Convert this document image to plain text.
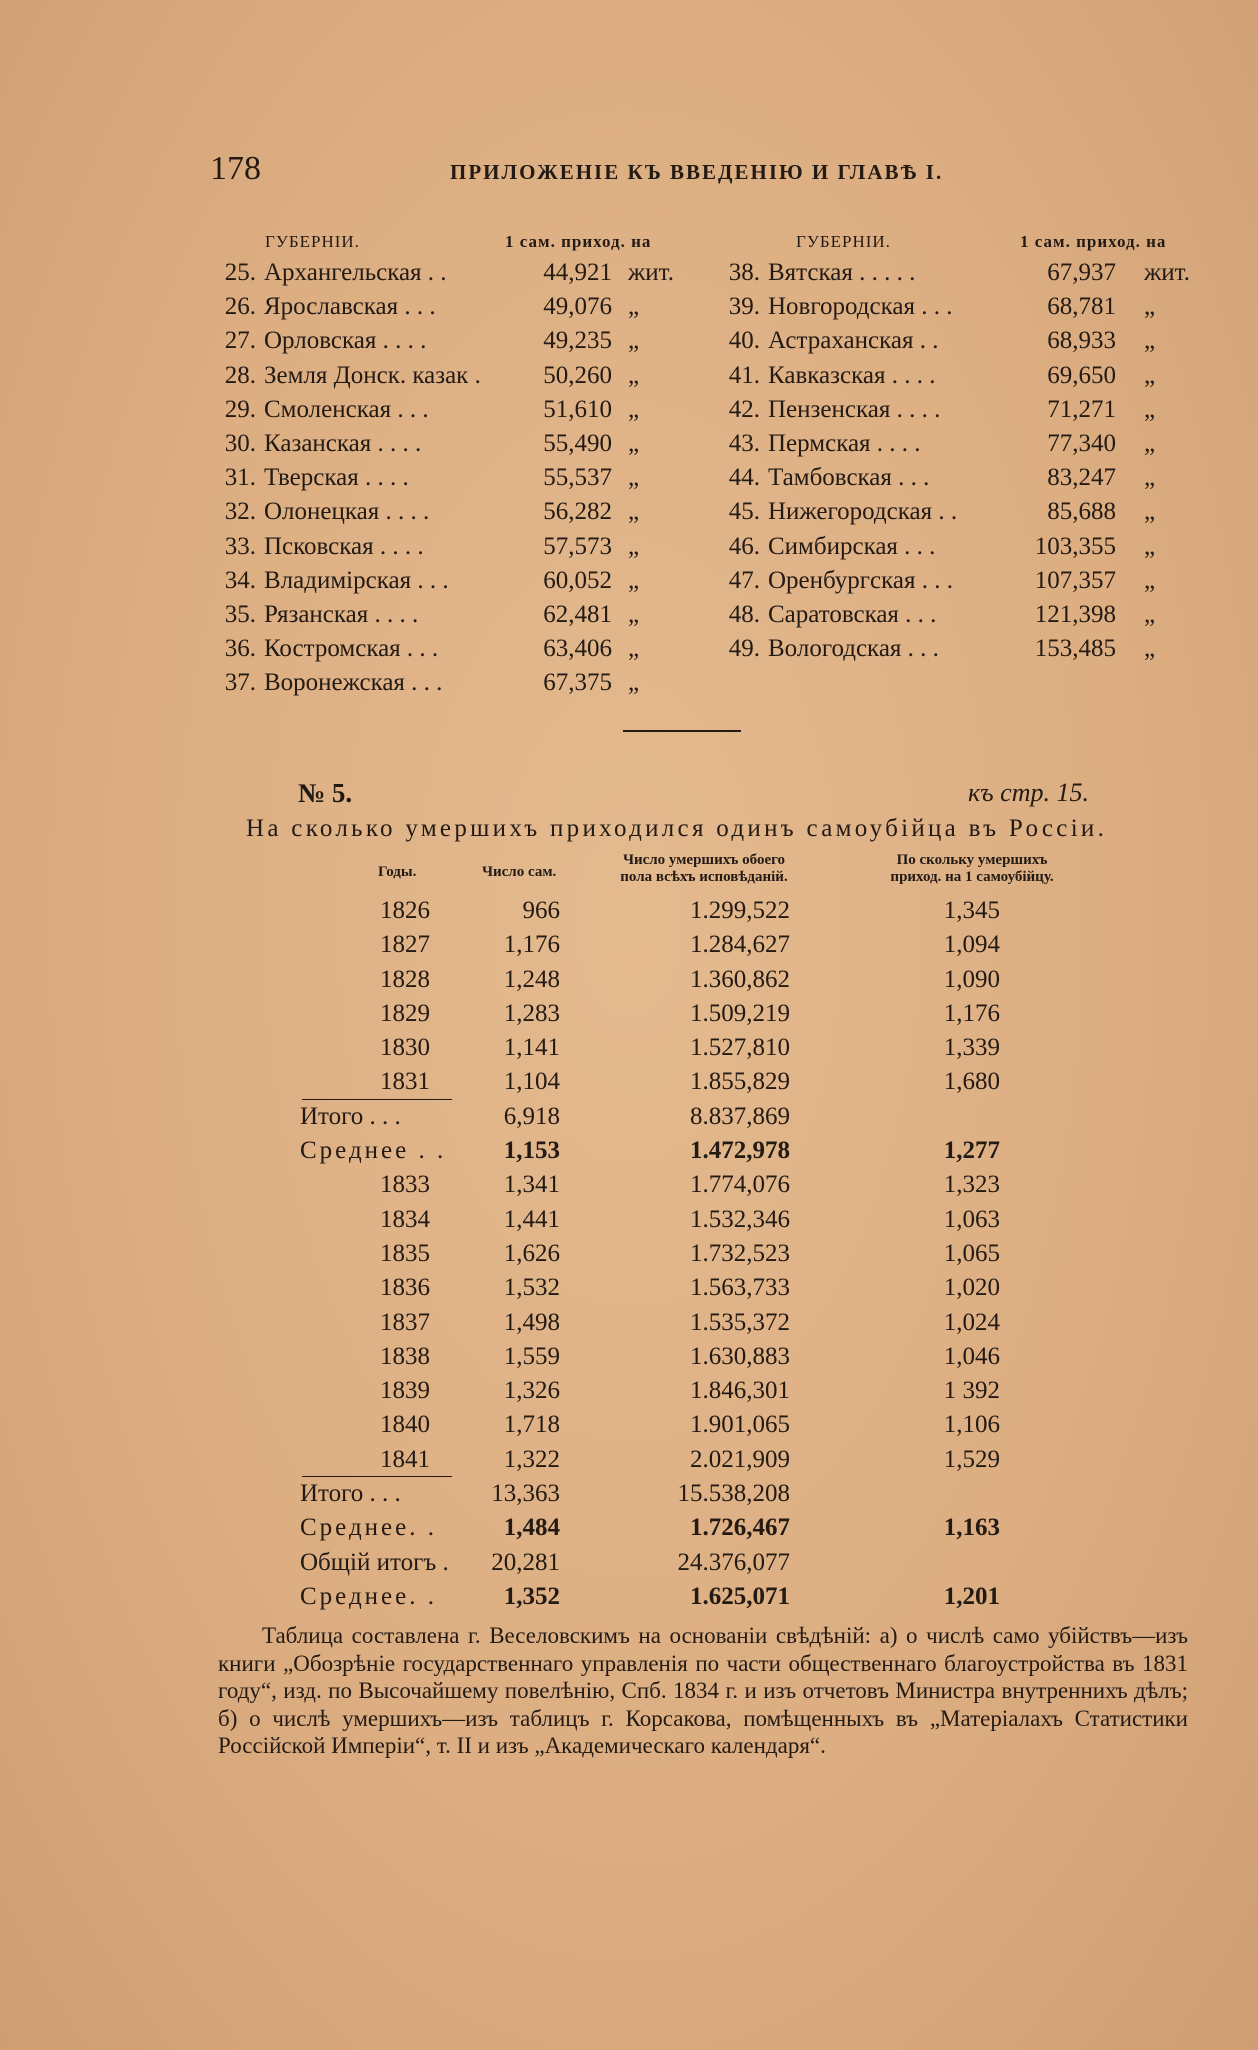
178	ПРИЛОЖЕНІЕ КЪ ВВЕДЕНІЮ И ГЛАВѢ І.
ГУБЕРНІИ.	1 сам. приход. на	ГУБЕРНІИ.	1 сам. приход. на
25. Архангельская . .	44,921 жит.
26. Ярославская . . .	49,076 „
27. Орловская . . . .	49,235 „
28. Земля Донск. казак .	50,260 „
29. Смоленская . . .	51,610 „
30. Казанская . . . .	55,490 „
31. Тверская . . . .	55,537 „
32. Олонецкая . . . .	56,282 „
33. Псковская . . . .	57,573 „
34. Владимірская . . .	60,052 „
35. Рязанская . . . .	62,481 „
36. Костромская . . .	63,406 „
37. Воронежская . . .	67,375 „
38. Вятская . . . . .	67,937 жит.
39. Новгородская . . .	68,781 „
40. Астраханская . .	68,933 „
41. Кавказская . . . .	69,650 „
42. Пензенская . . . .	71,271 „
43. Пермская . . . .	77,340 „
44. Тамбовская . . .	83,247 „
45. Нижегородская . .	85,688 „
46. Симбирская . . .	103,355 „
47. Оренбургская . . .	107,357 „
48. Саратовская . . .	121,398 „
49. Вологодская . . .	153,485 „
№ 5.	къ стр. 15.
На сколько умершихъ приходился одинъ самоубійца въ Россіи.
Годы.	Число сам.
Число умершихъ обоего
пола всѣхъ исповѣданій.
По скольку умершихъ
приход. на 1 самоубійцу.
1826	966	1.299,522	1,345
1827	1,176	1.284,627	1,094
1828	1,248	1.360,862	1,090
1829	1,283	1.509,219	1,176
1830	1,141	1.527,810	1,339
1831	1,104	1.855,829	1,680
Итого . . .	6,918	8.837,869
Среднее . . 1,153	1.472,978	1,277
1833	1,341	1.774,076	1,323
1834	1,441	1.532,346	1,063
1835	1,626	1.732,523	1,065
1836	1,532	1.563,733	1,020
1837	1,498	1.535,372	1,024
1838	1,559	1.630,883	1,046
1839	1,326	1.846,301	1 392
1840	1,718	1.901,065	1,106
1841	1,322	2.021,909	1,529
Итого . . .	13,363	15.538,208
Среднее. .	1,484	1.726,467	1,163
Общій итогъ . 20,281	24.376,077
Среднее. .	1,352	1.625,071	1,201

Таблица составлена г. Веселовскимъ на основаніи свѣдѣній: а) о числѣ само убійствъ—изъ книги „Обозрѣніе государственнаго управленія по части общественнаго благоустройства въ 1831 году“, изд. по Высочайшему повелѣнію, Спб. 1834 г. и изъ отчетовъ Министра внутреннихъ дѣлъ; б) о числѣ умершихъ—изъ таблицъ г. Корсакова, помѣщенныхъ въ „Матеріалахъ Статистики Россійской Имперіи“, т. II и изъ „Академическаго календаря“.
